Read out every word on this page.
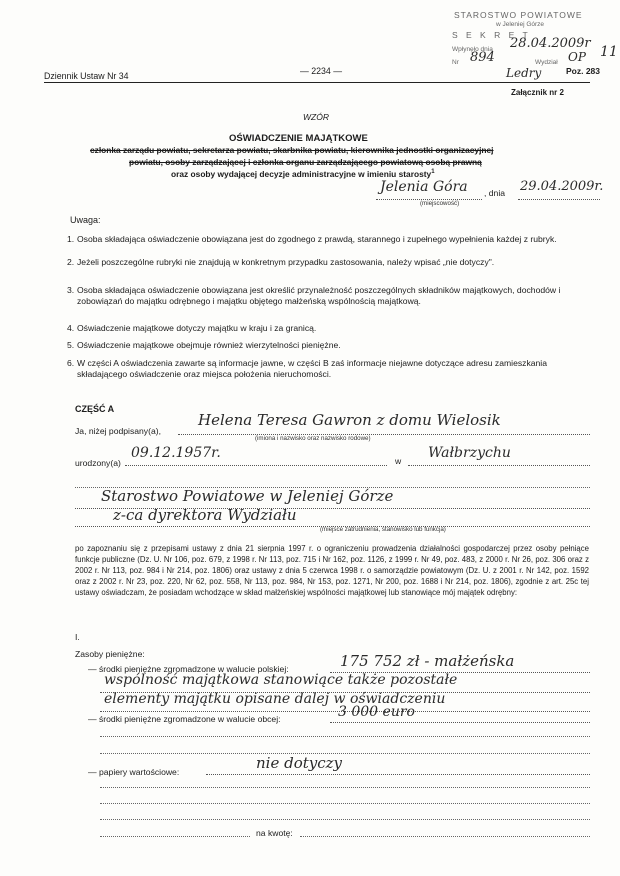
STAROSTWO POWIATOWE
w Jeleniej Górze
S E K R E T
Wpłynęło dnia 28.04.2009r
Nr 894	Wydział OP 11
Ledry
Dziennik Ustaw Nr 34	— 2234 —	Poz. 283
Załącznik nr 2
WZÓR
OŚWIADCZENIE MAJĄTKOWE
członka zarządu powiatu, sekretarza powiatu, skarbnika powiatu, kierownika jednostki organizacyjnej
powiatu, osoby zarządzającej i członka organu zarządzającego powiatową osobą prawną
oraz osoby wydającej decyzje administracyjne w imieniu starosty$^1$
Jelenia Góra , dnia 29.04.2009r.
(miejscowość)
Uwaga:
1. Osoba składająca oświadczenie obowiązana jest do zgodnego z prawdą, starannego i zupełnego wypełnienia każdej z rubryk.
2. Jeżeli poszczególne rubryki nie znajdują w konkretnym przypadku zastosowania, należy wpisać „nie dotyczy".
3. Osoba składająca oświadczenie obowiązana jest określić przynależność poszczególnych składników majątkowych, dochodów i zobowiązań do majątku odrębnego i majątku objętego małżeńską wspólnością majątkową.
4. Oświadczenie majątkowe dotyczy majątku w kraju i za granicą.
5. Oświadczenie majątkowe obejmuje również wierzytelności pieniężne.
6. W części A oświadczenia zawarte są informacje jawne, w części B zaś informacje niejawne dotyczące adresu zamieszkania składającego oświadczenie oraz miejsca położenia nieruchomości.
CZĘŚĆ A
Ja, niżej podpisany(a),
Helena Teresa Gawron z domu Wielosik
(imiona i nazwisko oraz nazwisko rodowe)
urodzony(a)
09.12.1957r.	w Wałbrzychu
Starostwo Powiatowe w Jeleniej Górze
z-ca dyrektora Wydziału
(miejsce zatrudnienia, stanowisko lub funkcja)
po zapoznaniu się z przepisami ustawy z dnia 21 sierpnia 1997 r. o ograniczeniu prowadzenia działalności gospodarczej przez osoby pełniące funkcje publiczne (Dz. U. Nr 106, poz. 679, z 1998 r. Nr 113, poz. 715 i Nr 162, poz. 1126, z 1999 r. Nr 49, poz. 483, z 2000 r. Nr 26, poz. 306 oraz z 2002 r. Nr 113, poz. 984 i Nr 214, poz. 1806) oraz ustawy z dnia 5 czerwca 1998 r. o samorządzie powiatowym (Dz. U. z 2001 r. Nr 142, poz. 1592 oraz z 2002 r. Nr 23, poz. 220, Nr 62, poz. 558, Nr 113, poz. 984, Nr 153, poz. 1271, Nr 200, poz. 1688 i Nr 214, poz. 1806), zgodnie z art. 25c tej ustawy oświadczam, że posiadam wchodzące w skład małżeńskiej wspólności majątkowej lub stanowiące mój majątek odrębny:
I.
Zasoby pieniężne:
— środki pieniężne zgromadzone w walucie polskiej:	175 752 zł - małżeńska
wspólność majątkowa stanowiące także pozostałe
elementy majątku opisane dalej w oświadczeniu
— środki pieniężne zgromadzone w walucie obcej:	3 000 euro
— papiery wartościowe:	nie dotyczy
na kwotę:
